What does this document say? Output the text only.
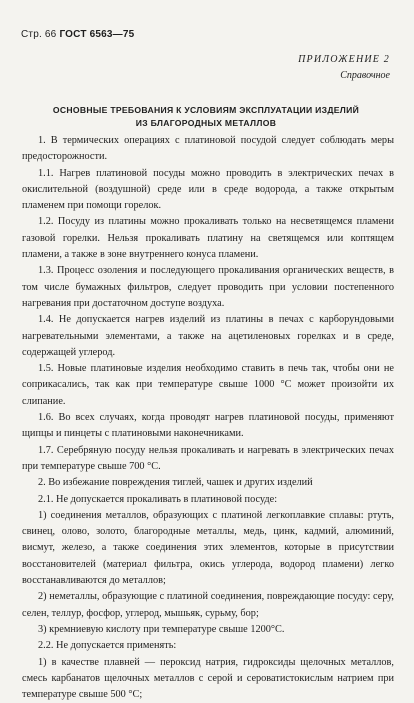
Стр. 66 ГОСТ 6563—75
ПРИЛОЖЕНИЕ 2
Справочное
ОСНОВНЫЕ ТРЕБОВАНИЯ К УСЛОВИЯМ ЭКСПЛУАТАЦИИ ИЗДЕЛИЙ
ИЗ БЛАГОРОДНЫХ МЕТАЛЛОВ

1. В термических операциях с платиновой посудой следует соблюдать меры предосторожности.

1.1. Нагрев платиновой посуды можно проводить в электрических печах в окислительной (воздушной) среде или в среде водорода, а также открытым пламенем при помощи горелок.

1.2. Посуду из платины можно прокаливать только на несветящемся пламени газовой горелки. Нельзя прокаливать платину на светящемся или коптящем пламени, а также в зоне внутреннего конуса пламени.

1.3. Процесс озоления и последующего прокаливания органических веществ, в том числе бумажных фильтров, следует проводить при условии постепенного нагревания при достаточном доступе воздуха.

1.4. Не допускается нагрев изделий из платины в печах с карборундовыми нагревательными элементами, а также на ацетиленовых горелках и в среде, содержащей углерод.

1.5. Новые платиновые изделия необходимо ставить в печь так, чтобы они не соприкасались, так как при температуре свыше 1000 °С может произойти их слипание.

1.6. Во всех случаях, когда проводят нагрев платиновой посуды, применяют щипцы и пинцеты с платиновыми наконечниками.

1.7. Серебряную посуду нельзя прокаливать и нагревать в электрических печах при температуре свыше 700 °С.

2. Во избежание повреждения тиглей, чашек и других изделий

2.1. Не допускается прокаливать в платиновой посуде:

1) соединения металлов, образующих с платиной легкоплавкие сплавы: ртуть, свинец, олово, золото, благородные металлы, медь, цинк, кадмий, алюминий, висмут, железо, а также соединения этих элементов, которые в присутствии восстановителей (материал фильтра, окись углерода, водород пламени) легко восстанавливаются до металлов;

2) неметаллы, образующие с платиной соединения, повреждающие посуду: серу, селен, теллур, фосфор, углерод, мышьяк, сурьму, бор;

3) кремниевую кислоту при температуре свыше 1200°С.

2.2. Не допускается применять:

1) в качестве плавней — пероксид натрия, гидроксиды щелочных металлов, смесь карбанатов щелочных металлов с серой и сероватистокислым натрием при температуре свыше 500 °С;
